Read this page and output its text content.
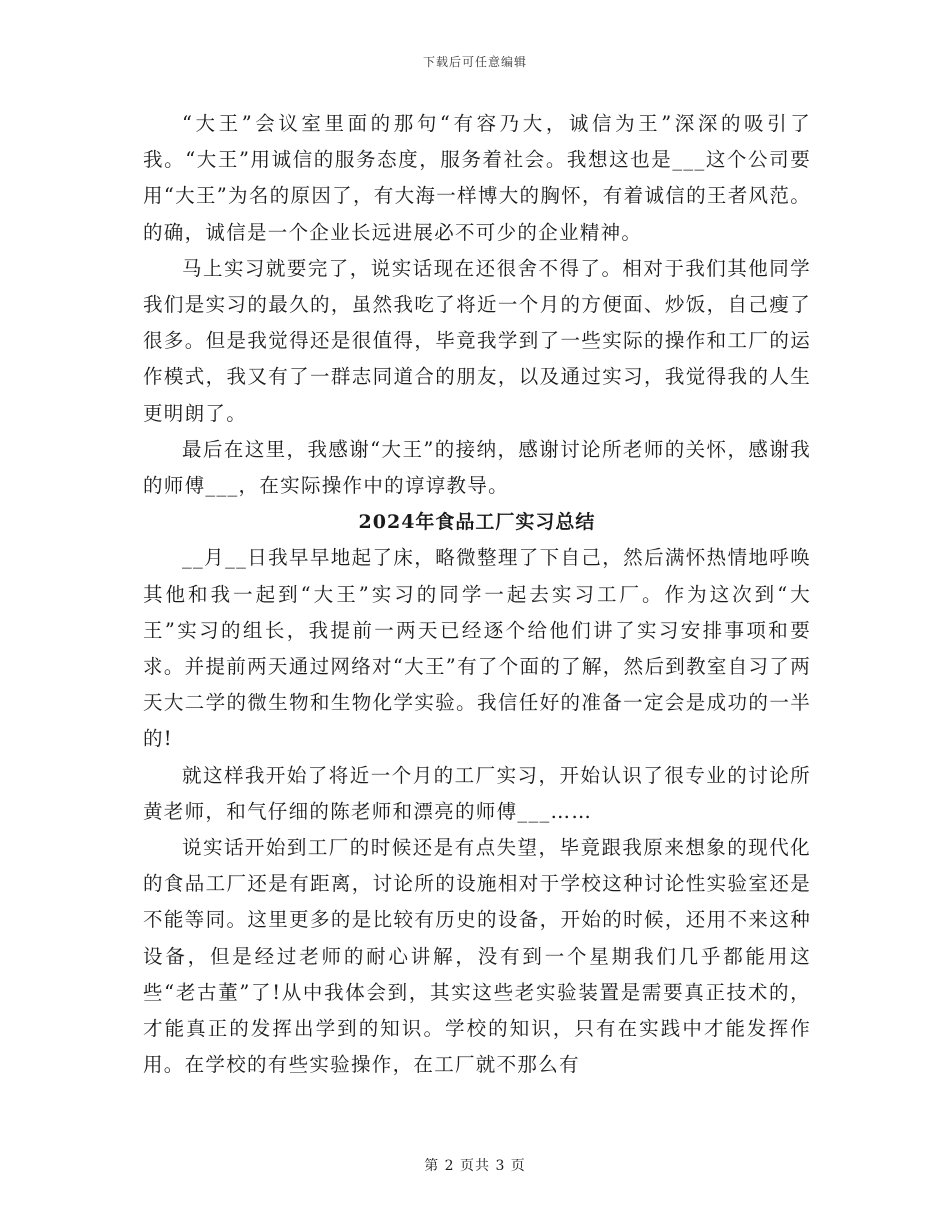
下载后可任意编辑

“大王”会议室里面的那句“有容乃大，诚信为王”深深的吸引了我。“大王”用诚信的服务态度，服务着社会。我想这也是___这个公司要用“大王”为名的原因了，有大海一样博大的胸怀，有着诚信的王者风范。的确，诚信是一个企业长远进展必不可少的企业精神。

马上实习就要完了，说实话现在还很舍不得了。相对于我们其他同学我们是实习的最久的，虽然我吃了将近一个月的方便面、炒饭，自己瘦了很多。但是我觉得还是很值得，毕竟我学到了一些实际的操作和工厂的运作模式，我又有了一群志同道合的朋友，以及通过实习，我觉得我的人生更明朗了。

最后在这里，我感谢“大王”的接纳，感谢讨论所老师的关怀，感谢我的师傅___，在实际操作中的谆谆教导。

2024年食品工厂实习总结

__月__日我早早地起了床，略微整理了下自己，然后满怀热情地呼唤其他和我一起到“大王”实习的同学一起去实习工厂。作为这次到“大王”实习的组长，我提前一两天已经逐个给他们讲了实习安排事项和要求。并提前两天通过网络对“大王”有了个面的了解，然后到教室自习了两天大二学的微生物和生物化学实验。我信任好的准备一定会是成功的一半的!

就这样我开始了将近一个月的工厂实习，开始认识了很专业的讨论所黄老师，和气仔细的陈老师和漂亮的师傅___……

说实话开始到工厂的时候还是有点失望，毕竟跟我原来想象的现代化的食品工厂还是有距离，讨论所的设施相对于学校这种讨论性实验室还是不能等同。这里更多的是比较有历史的设备，开始的时候，还用不来这种设备，但是经过老师的耐心讲解，没有到一个星期我们几乎都能用这些“老古董”了!从中我体会到，其实这些老实验装置是需要真正技术的，才能真正的发挥出学到的知识。学校的知识，只有在实践中才能发挥作用。在学校的有些实验操作，在工厂就不那么有

第 2 页共 3 页
